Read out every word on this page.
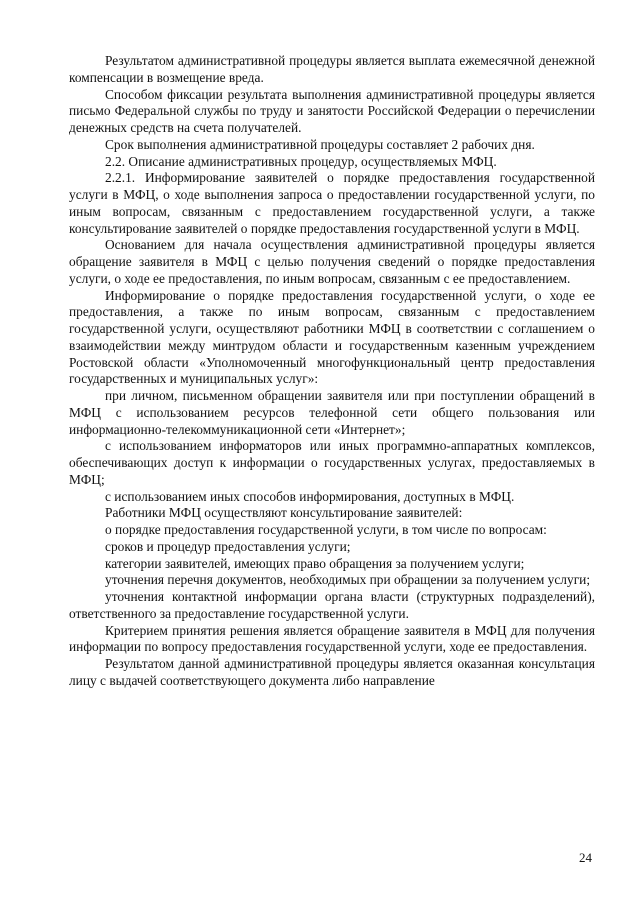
Результатом административной процедуры является выплата ежемесячной денежной компенсации в возмещение вреда.

Способом фиксации результата выполнения административной процедуры является письмо Федеральной службы по труду и занятости Российской Федерации о перечислении денежных средств на счета получателей.

Срок выполнения административной процедуры составляет 2 рабочих дня.

2.2. Описание административных процедур, осуществляемых МФЦ.

2.2.1. Информирование заявителей о порядке предоставления государственной услуги в МФЦ, о ходе выполнения запроса о предоставлении государственной услуги, по иным вопросам, связанным с предоставлением государственной услуги, а также консультирование заявителей о порядке предоставления государственной услуги в МФЦ.

Основанием для начала осуществления административной процедуры является обращение заявителя в МФЦ с целью получения сведений о порядке предоставления услуги, о ходе ее предоставления, по иным вопросам, связанным с ее предоставлением.

Информирование о порядке предоставления государственной услуги, о ходе ее предоставления, а также по иным вопросам, связанным с предоставлением государственной услуги, осуществляют работники МФЦ в соответствии с соглашением о взаимодействии между минтрудом области и государственным казенным учреждением Ростовской области «Уполномоченный многофункциональный центр предоставления государственных и муниципальных услуг»:

при личном, письменном обращении заявителя или при поступлении обращений в МФЦ с использованием ресурсов телефонной сети общего пользования или информационно-телекоммуникационной сети «Интернет»;

с использованием информаторов или иных программно-аппаратных комплексов, обеспечивающих доступ к информации о государственных услугах, предоставляемых в МФЦ;

с использованием иных способов информирования, доступных в МФЦ.

Работники МФЦ осуществляют консультирование заявителей:

о порядке предоставления государственной услуги, в том числе по вопросам:

сроков и процедур предоставления услуги;

категории заявителей, имеющих право обращения за получением услуги;

уточнения перечня документов, необходимых при обращении за получением услуги;

уточнения контактной информации органа власти (структурных подразделений), ответственного за предоставление государственной услуги.

Критерием принятия решения является обращение заявителя в МФЦ для получения информации по вопросу предоставления государственной услуги, ходе ее предоставления.

Результатом данной административной процедуры является оказанная консультация лицу с выдачей соответствующего документа либо направление

24
